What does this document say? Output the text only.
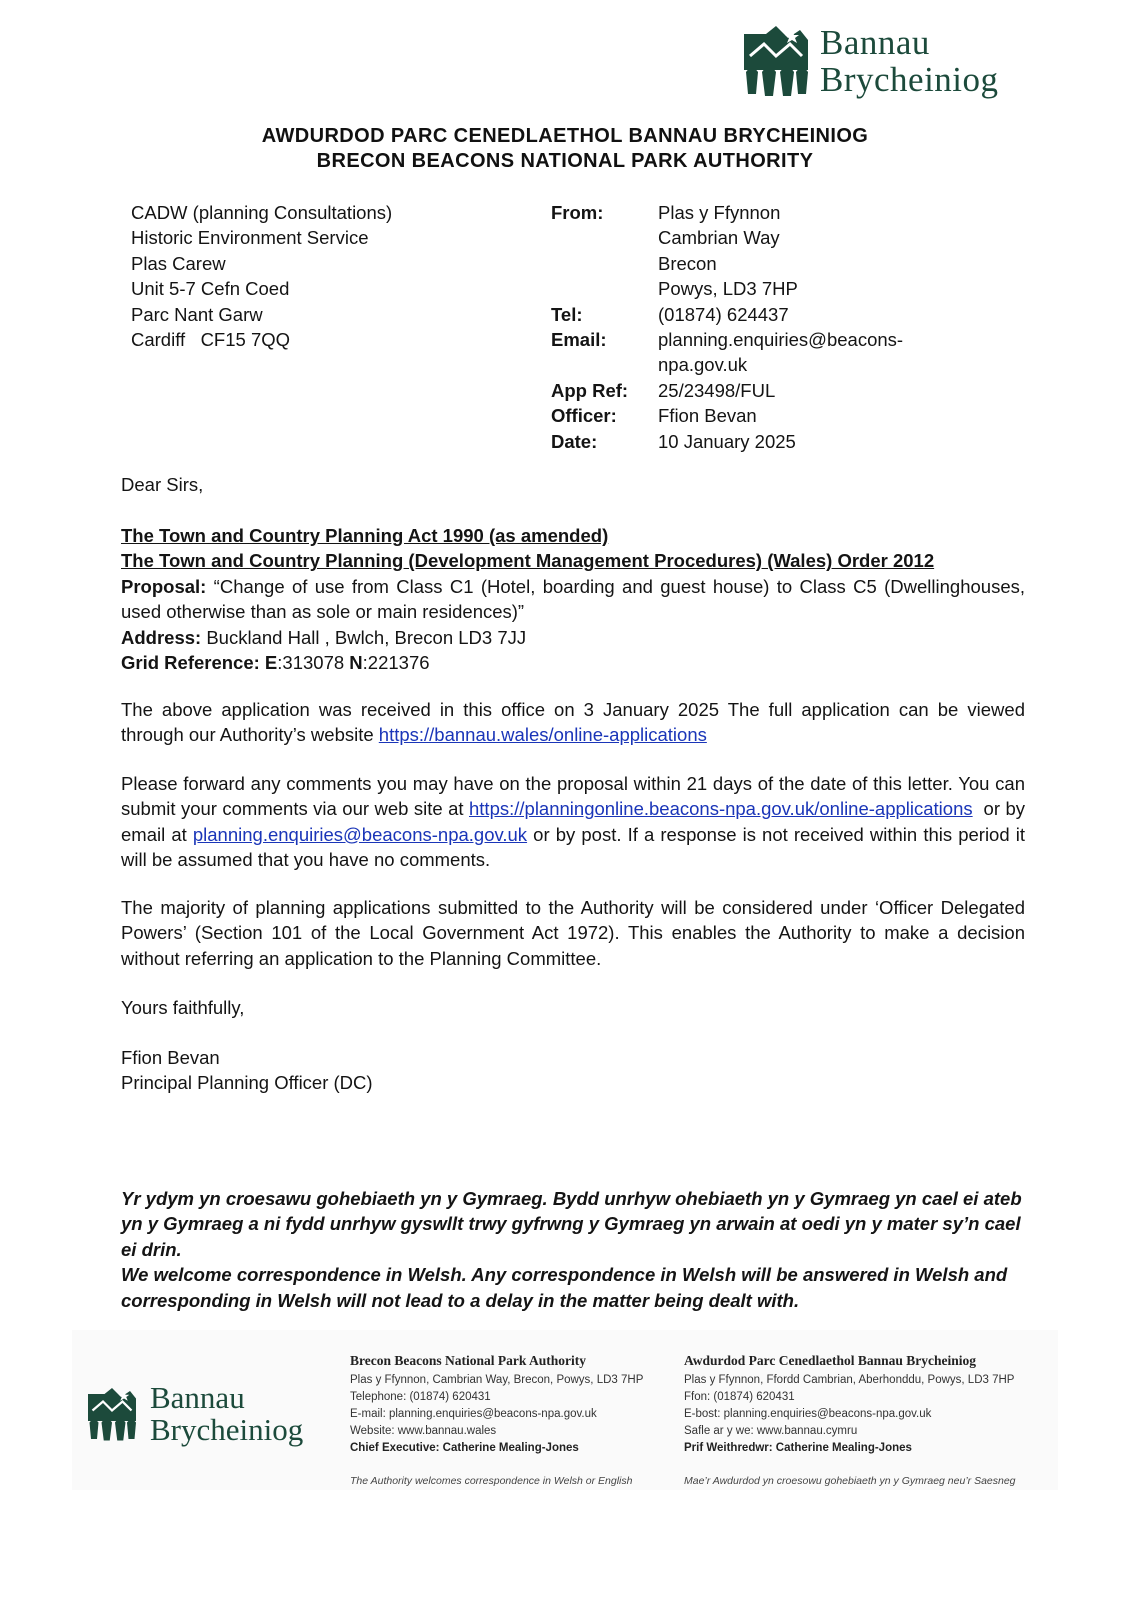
Bannau
Brycheiniog
AWDURDOD PARC CENEDLAETHOL BANNAU BRYCHEINIOG
BRECON BEACONS NATIONAL PARK AUTHORITY
CADW (planning Consultations)
Historic Environment Service
Plas Carew
Unit 5-7 Cefn Coed
Parc Nant Garw
Cardiff   CF15 7QQ
From:	Plas y Ffynnon
Cambrian Way
Brecon
Powys, LD3 7HP
Tel:	(01874) 624437
Email:	planning.enquiries@beacons-
npa.gov.uk
App Ref:	25/23498/FUL
Officer:	Ffion Bevan
Date:	10 January 2025
Dear Sirs,
The Town and Country Planning Act 1990 (as amended)
The Town and Country Planning (Development Management Procedures) (Wales) Order 2012
Proposal: “Change of use from Class C1 (Hotel, boarding and guest house) to Class C5 (Dwellinghouses, used otherwise than as sole or main residences)”
Address: Buckland Hall , Bwlch, Brecon LD3 7JJ
Grid Reference: E:313078 N:221376
The above application was received in this office on 3 January 2025 The full application can be viewed through our Authority’s website https://bannau.wales/online-applications
Please forward any comments you may have on the proposal within 21 days of the date of this letter. You can submit your comments via our web site at https://planningonline.beacons-npa.gov.uk/online-applications  or by email at planning.enquiries@beacons-npa.gov.uk or by post. If a response is not received within this period it will be assumed that you have no comments.
The majority of planning applications submitted to the Authority will be considered under ‘Officer Delegated Powers’ (Section 101 of the Local Government Act 1972). This enables the Authority to make a decision without referring an application to the Planning Committee.
Yours faithfully,
Ffion Bevan
Principal Planning Officer (DC)
Yr ydym yn croesawu gohebiaeth yn y Gymraeg. Bydd unrhyw ohebiaeth yn y Gymraeg yn cael ei ateb yn y Gymraeg a ni fydd unrhyw gyswllt trwy gyfrwng y Gymraeg yn arwain at oedi yn y mater sy’n cael ei drin.
We welcome correspondence in Welsh. Any correspondence in Welsh will be answered in Welsh and corresponding in Welsh will not lead to a delay in the matter being dealt with.
Bannau
Brycheiniog
Brecon Beacons National Park Authority
Plas y Ffynnon, Cambrian Way, Brecon, Powys, LD3 7HP
Telephone: (01874) 620431
E-mail: planning.enquiries@beacons-npa.gov.uk
Website: www.bannau.wales
Chief Executive: Catherine Mealing-Jones
The Authority welcomes correspondence in Welsh or English
Awdurdod Parc Cenedlaethol Bannau Brycheiniog
Plas y Ffynnon, Ffordd Cambrian, Aberhonddu, Powys, LD3 7HP
Ffon: (01874) 620431
E-bost: planning.enquiries@beacons-npa.gov.uk
Safle ar y we: www.bannau.cymru
Prif Weithredwr: Catherine Mealing-Jones
Mae’r Awdurdod yn croesowu gohebiaeth yn y Gymraeg neu’r Saesneg
